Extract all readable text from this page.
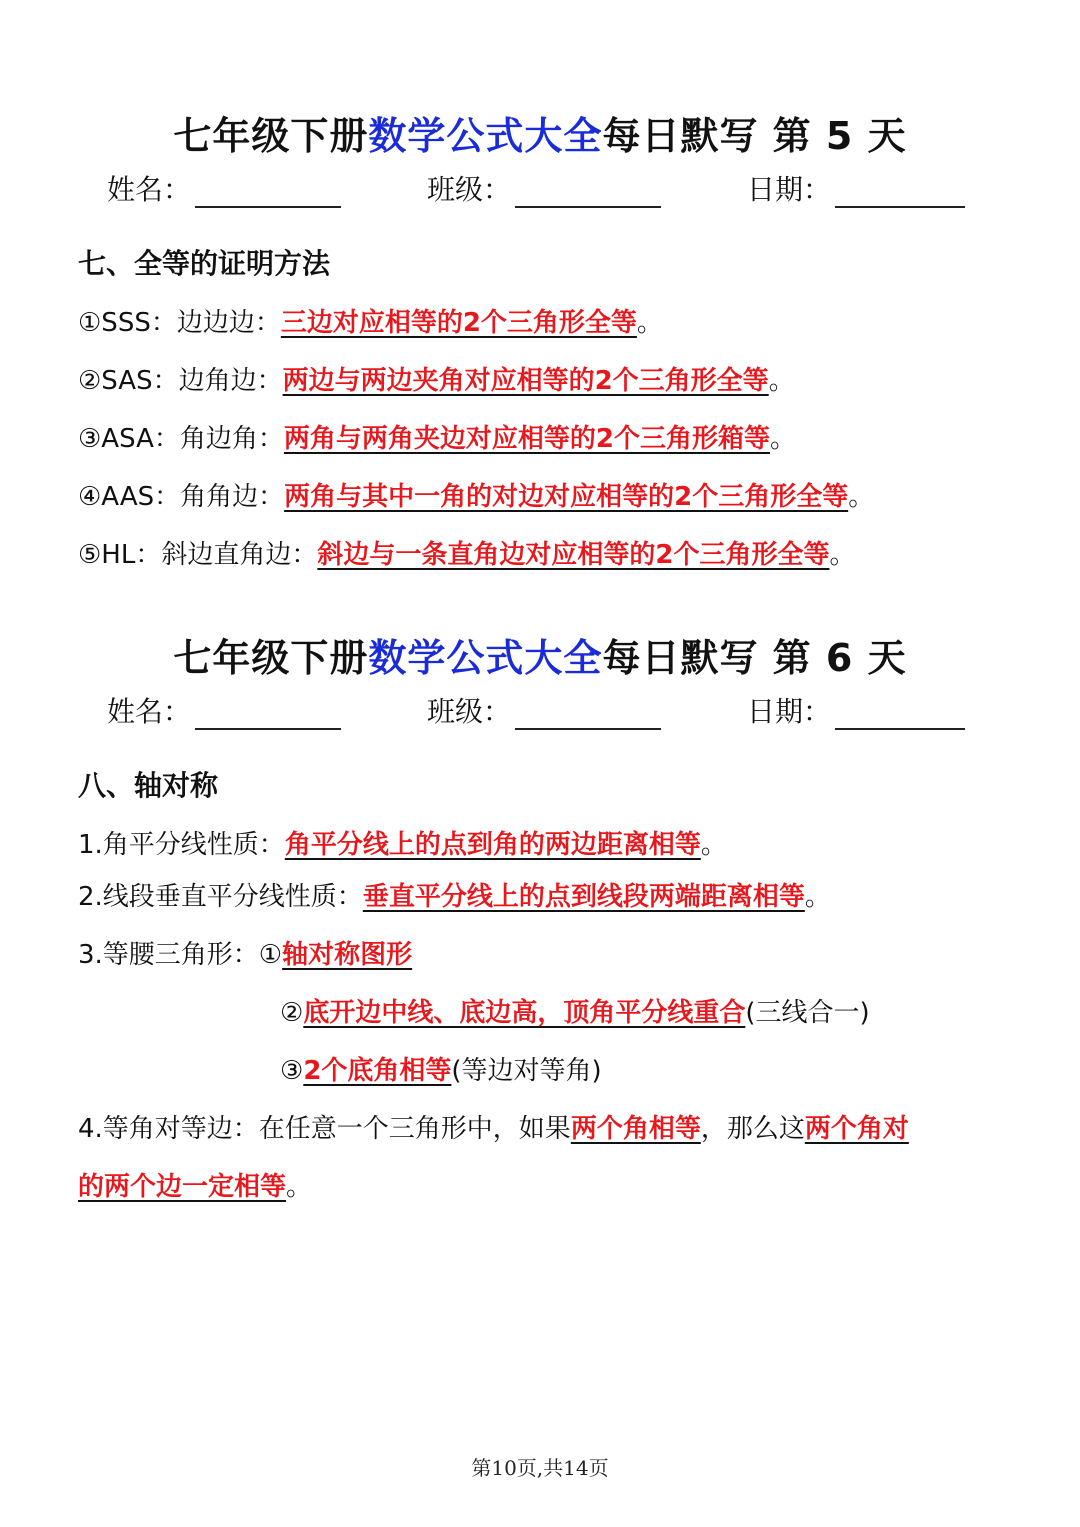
七年级下册数学公式大全每日默写 第 5 天
姓名：	班级：	日期：
七、全等的证明方法
①SSS：边边边：三边对应相等的2个三角形全等。
②SAS：边角边：两边与两边夹角对应相等的2个三角形全等。
③ASA：角边角：两角与两角夹边对应相等的2个三角形箱等。
④AAS：角角边：两角与其中一角的对边对应相等的2个三角形全等。
⑤HL：斜边直角边：斜边与一条直角边对应相等的2个三角形全等。
七年级下册数学公式大全每日默写 第 6 天
姓名：	班级：	日期：
八、轴对称
1.角平分线性质：角平分线上的点到角的两边距离相等。
2.线段垂直平分线性质：垂直平分线上的点到线段两端距离相等。
3.等腰三角形：①轴对称图形
②底开边中线、底边高，顶角平分线重合(三线合一)
③2个底角相等(等边对等角)
4.等角对等边：在任意一个三角形中，如果两个角相等，那么这两个角对
的两个边一定相等。
第10页,共14页
